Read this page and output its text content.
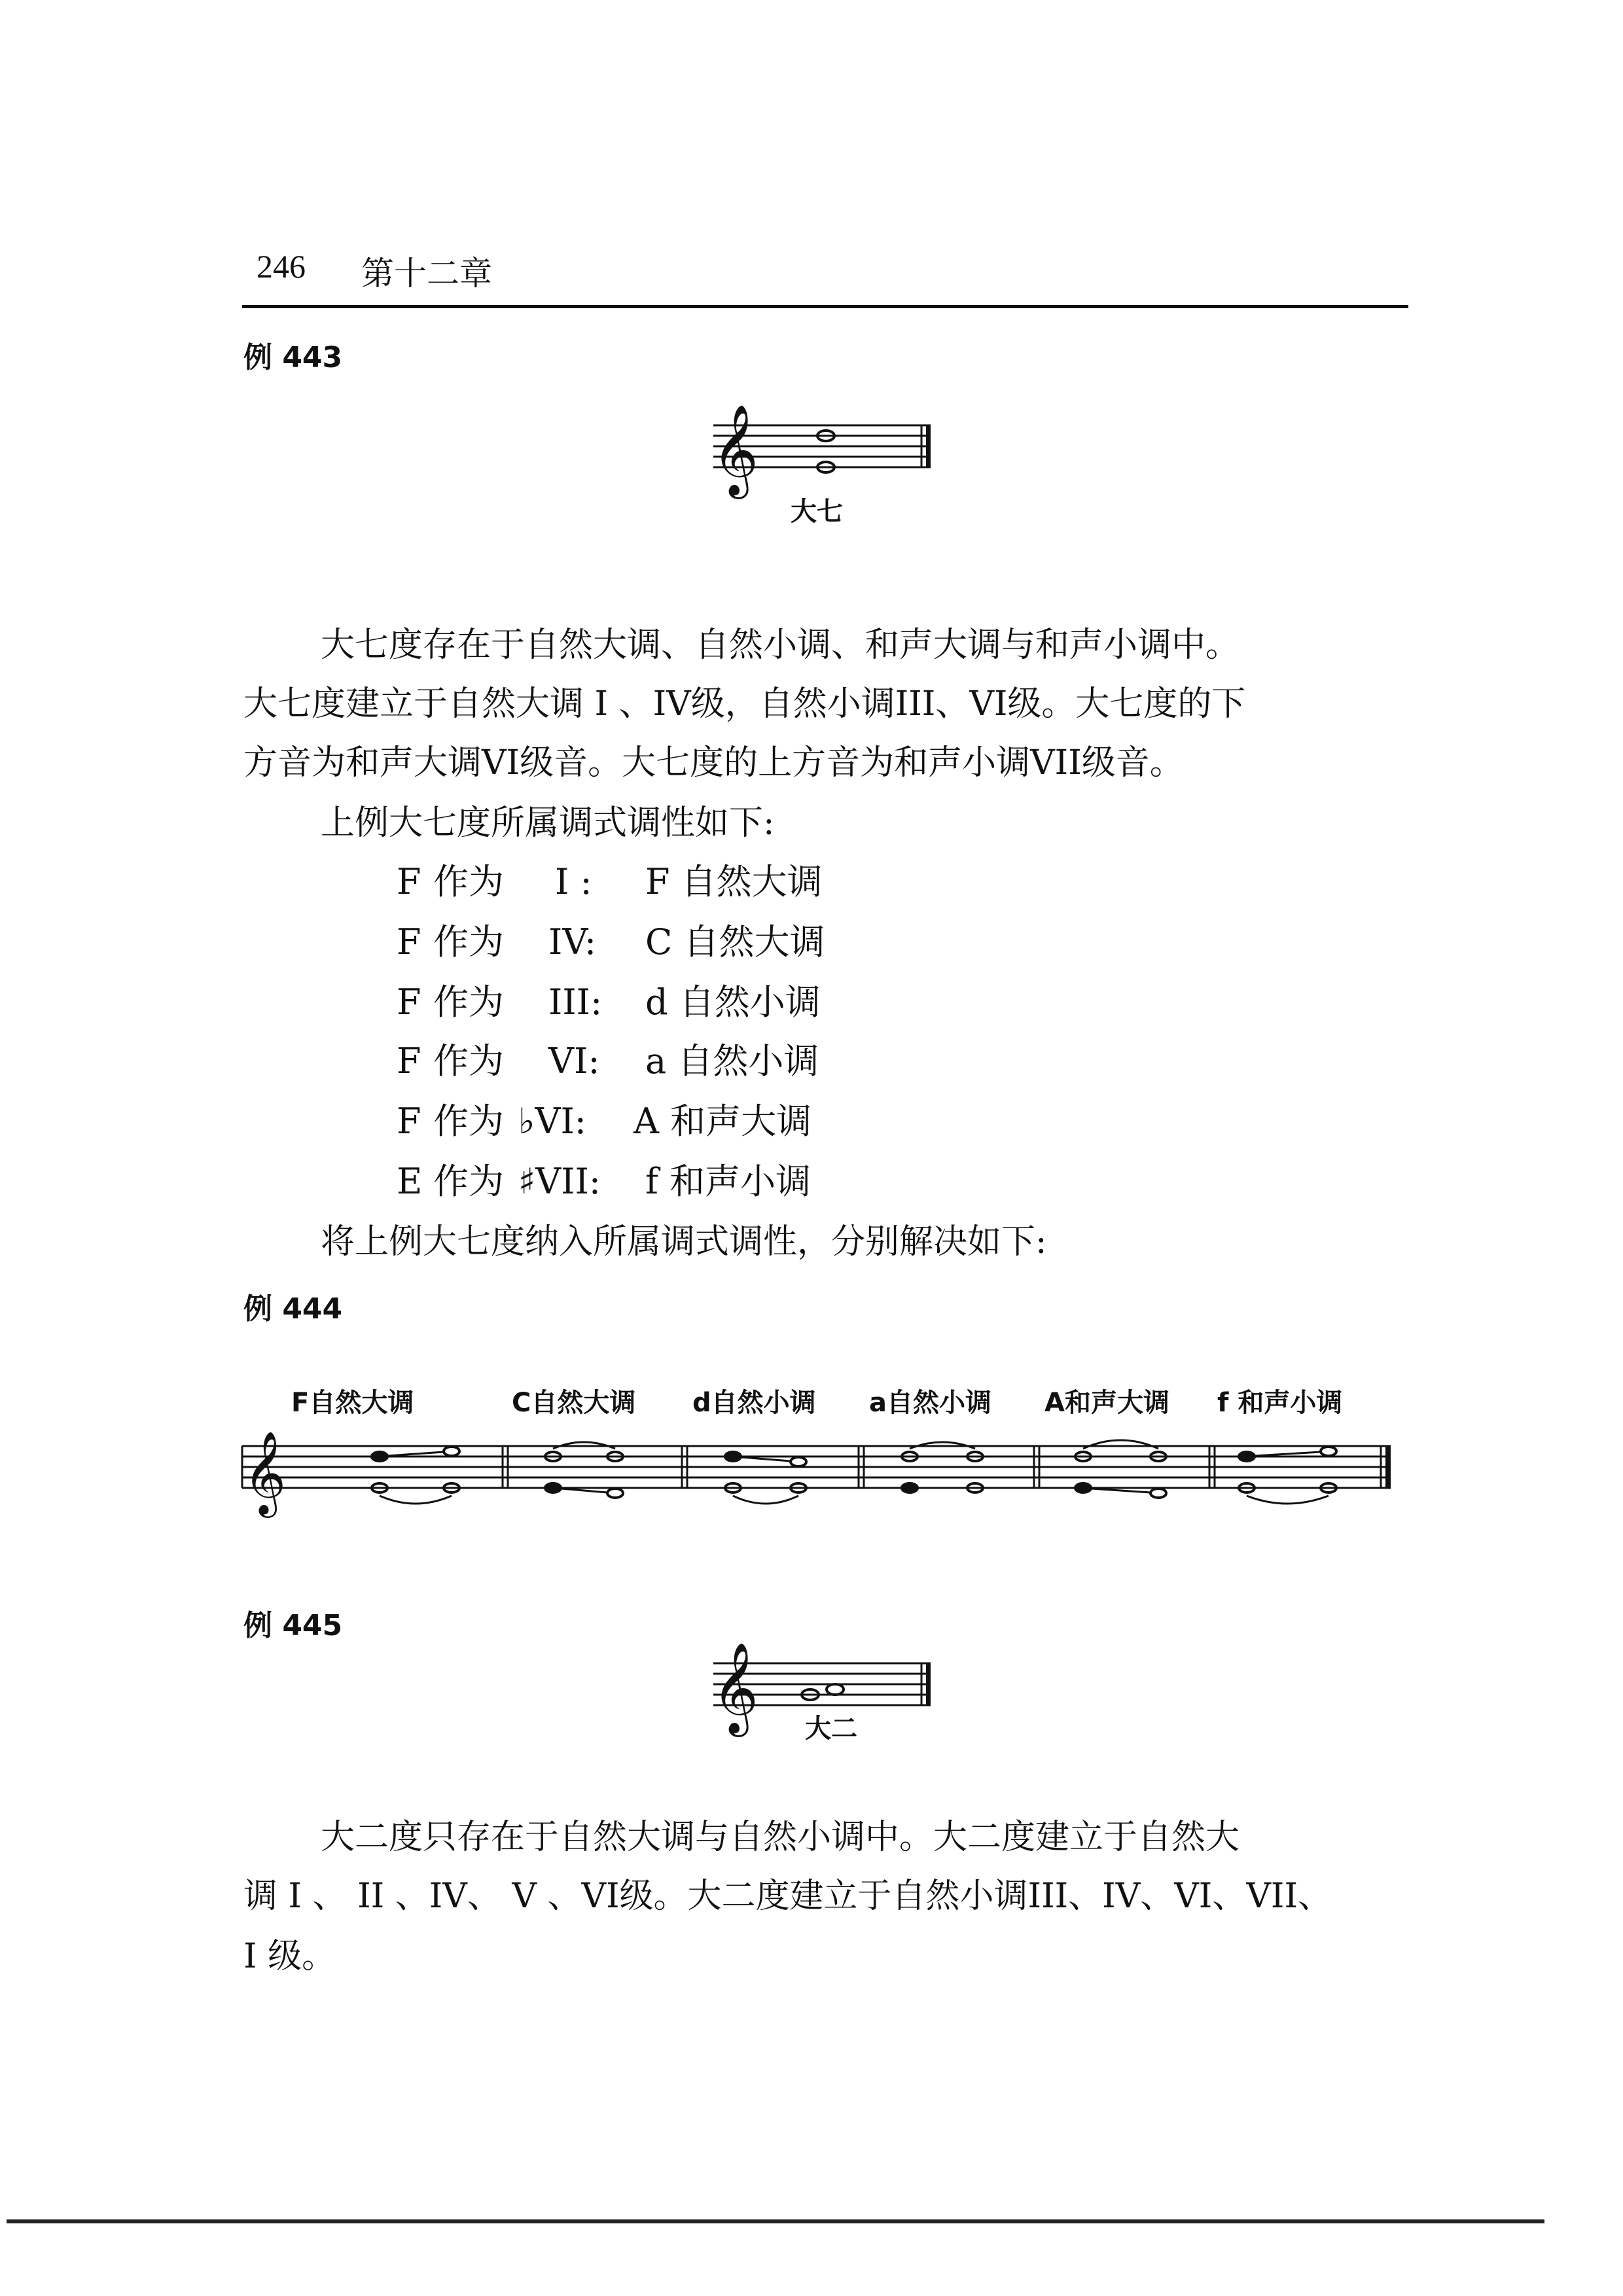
246 第十二章
例 443
𝄞
大七
大七度存在于自然大调、自然小调、和声大调与和声小调中。
大七度建立于自然大调 I 、IV级，自然小调III、VI级。大七度的下
方音为和声大调VI级音。大七度的上方音为和声小调VII级音。
上例大七度所属调式调性如下:
F 作为 I : F 自然大调
F 作为 IV: C 自然大调
F 作为 III: d 自然小调
F 作为 VI: a 自然小调
F 作为 ♭VI: A 和声大调
E 作为 ♯VII: f 和声小调
将上例大七度纳入所属调式调性，分别解决如下:
例 444
F自然大调	C自然大调 d自然小调 a自然小调 A和声大调 f 和声小调
𝄞
例 445
𝄞 大二
大二度只存在于自然大调与自然小调中。大二度建立于自然大
调 I 、 II 、IV、 V 、VI级。大二度建立于自然小调III、IV、VI、VII、
I 级。
